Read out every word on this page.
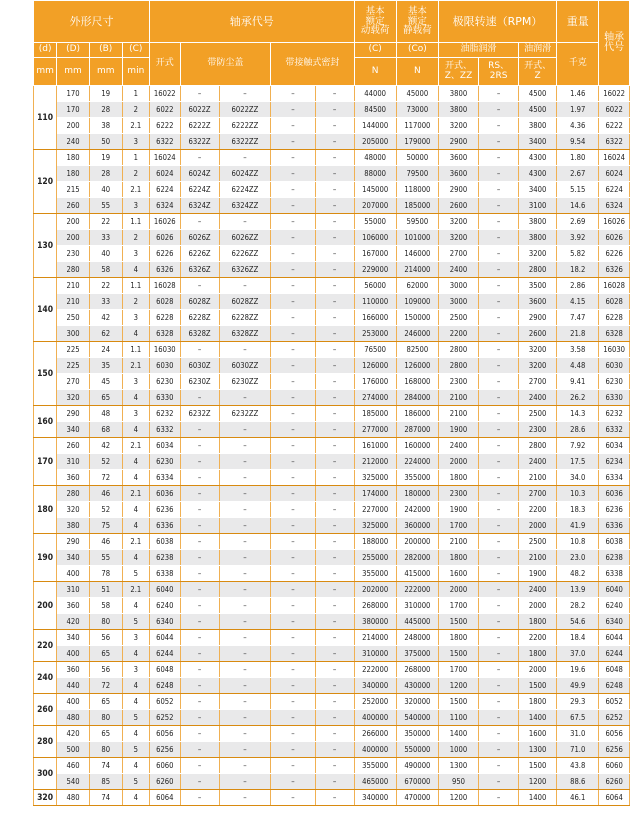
外形尺寸				轴承代号					基本
额定
动载荷	基本
额定
静载荷	极限转速（RPM）			重量	轴承
代号
(d)	(D)	(B)	(C)	开式	带防尘盖		带接触式密封		(C)	(Co)	油脂润滑		油润滑	千克	
mm	mm	mm	min						N	N	开式、
Z、ZZ	RS、
2RS	开式、
Z		
110	170	19	1	16022	–	–	–	–	44000	45000	3800	–	4500	1.46	16022
	170	28	2	6022	6022Z	6022ZZ	–	–	84500	73000	3800	–	4500	1.97	6022
	200	38	2.1	6222	6222Z	6222ZZ	–	–	144000	117000	3200	–	3800	4.36	6222
	240	50	3	6322	6322Z	6322ZZ	–	–	205000	179000	2900	–	3400	9.54	6322
120	180	19	1	16024	–	–	–	–	48000	50000	3600	–	4300	1.80	16024
	180	28	2	6024	6024Z	6024ZZ	–	–	88000	79500	3600	–	4300	2.67	6024
	215	40	2.1	6224	6224Z	6224ZZ	–	–	145000	118000	2900	–	3400	5.15	6224
	260	55	3	6324	6324Z	6324ZZ	–	–	207000	185000	2600	–	3100	14.6	6324
130	200	22	1.1	16026	–	–	–	–	55000	59500	3200	–	3800	2.69	16026
	200	33	2	6026	6026Z	6026ZZ	–	–	106000	101000	3200	–	3800	3.92	6026
	230	40	3	6226	6226Z	6226ZZ	–	–	167000	146000	2700	–	3200	5.82	6226
	280	58	4	6326	6326Z	6326ZZ	–	–	229000	214000	2400	–	2800	18.2	6326
140	210	22	1.1	16028	–	–	–	–	56000	62000	3000	–	3500	2.86	16028
	210	33	2	6028	6028Z	6028ZZ	–	–	110000	109000	3000	–	3600	4.15	6028
	250	42	3	6228	6228Z	6228ZZ	–	–	166000	150000	2500	–	2900	7.47	6228
	300	62	4	6328	6328Z	6328ZZ	–	–	253000	246000	2200	–	2600	21.8	6328
150	225	24	1.1	16030	–	–	–	–	76500	82500	2800	–	3200	3.58	16030
	225	35	2.1	6030	6030Z	6030ZZ	–	–	126000	126000	2800	–	3200	4.48	6030
	270	45	3	6230	6230Z	6230ZZ	–	–	176000	168000	2300	–	2700	9.41	6230
	320	65	4	6330	–	–	–	–	274000	284000	2100	–	2400	26.2	6330
160	290	48	3	6232	6232Z	6232ZZ	–	–	185000	186000	2100	–	2500	14.3	6232
	340	68	4	6332	–	–	–	–	277000	287000	1900	–	2300	28.6	6332
170	260	42	2.1	6034	–	–	–	–	161000	160000	2400	–	2800	7.92	6034
	310	52	4	6230	–	–	–	–	212000	224000	2000	–	2400	17.5	6234
	360	72	4	6334	–	–	–	–	325000	355000	1800	–	2100	34.0	6334
180	280	46	2.1	6036	–	–	–	–	174000	180000	2300	–	2700	10.3	6036
	320	52	4	6236	–	–	–	–	227000	242000	1900	–	2200	18.3	6236
	380	75	4	6336	–	–	–	–	325000	360000	1700	–	2000	41.9	6336
190	290	46	2.1	6038	–	–	–	–	188000	200000	2100	–	2500	10.8	6038
	340	55	4	6238	–	–	–	–	255000	282000	1800	–	2100	23.0	6238
	400	78	5	6338	–	–	–	–	355000	415000	1600	–	1900	48.2	6338
200	310	51	2.1	6040	–	–	–	–	202000	222000	2000	–	2400	13.9	6040
	360	58	4	6240	–	–	–	–	268000	310000	1700	–	2000	28.2	6240
	420	80	5	6340	–	–	–	–	380000	445000	1500	–	1800	54.6	6340
220	340	56	3	6044	–	–	–	–	214000	248000	1800	–	2200	18.4	6044
	400	65	4	6244	–	–	–	–	310000	375000	1500	–	1800	37.0	6244
240	360	56	3	6048	–	–	–	–	222000	268000	1700	–	2000	19.6	6048
	440	72	4	6248	–	–	–	–	340000	430000	1200	–	1500	49.9	6248
260	400	65	4	6052	–	–	–	–	252000	320000	1500	–	1800	29.3	6052
	480	80	5	6252	–	–	–	–	400000	540000	1100	–	1400	67.5	6252
280	420	65	4	6056	–	–	–	–	266000	350000	1400	–	1600	31.0	6056
	500	80	5	6256	–	–	–	–	400000	550000	1000	–	1300	71.0	6256
300	460	74	4	6060	–	–	–	–	355000	490000	1300	–	1500	43.8	6060
	540	85	5	6260	–	–	–	–	465000	670000	950	–	1200	88.6	6260
320	480	74	4	6064	–	–	–	–	340000	470000	1200	–	1400	46.1	6064
